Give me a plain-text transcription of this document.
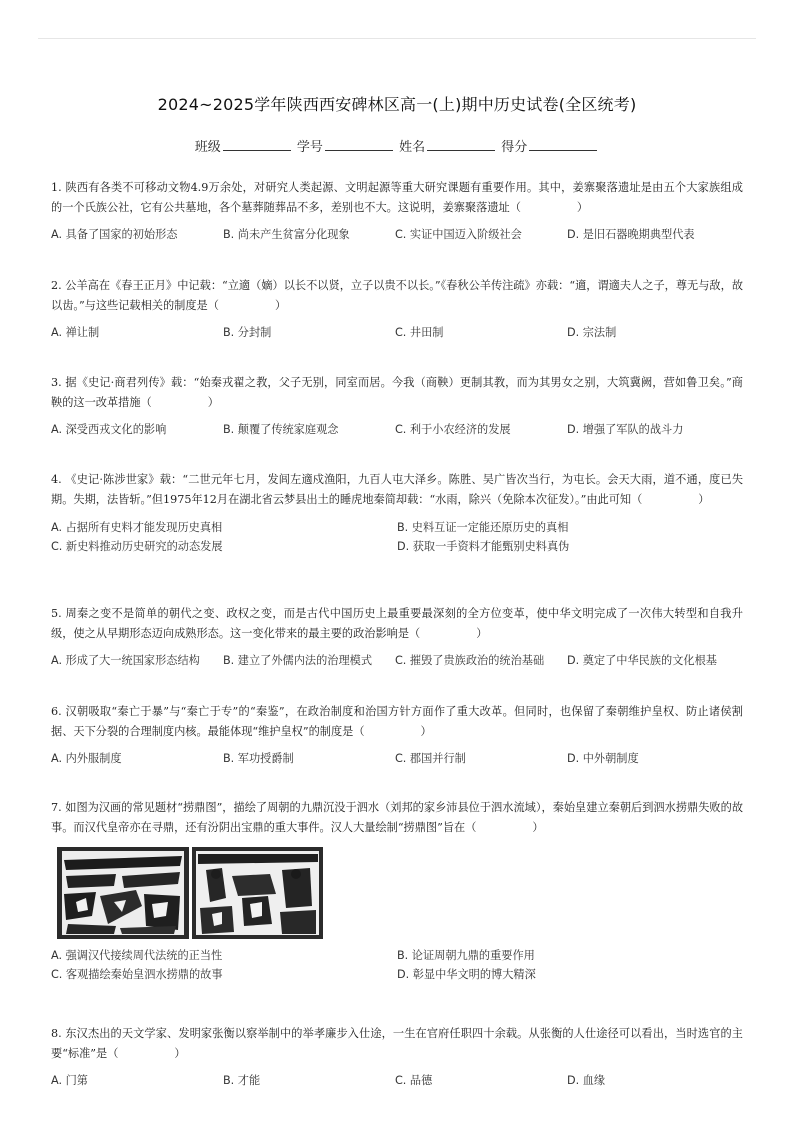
2024~2025学年陕西西安碑林区高一(上)期中历史试卷(全区统考)
班级	学号	姓名	得分

1. 陕西有各类不可移动文物4.9万余处，对研究人类起源、文明起源等重大研究课题有重要作用。其中，姜寨聚落遗址是由五个大家族组成的一个氏族公社，它有公共墓地，各个墓葬随葬品不多，差别也不大。这说明，姜寨聚落遗址（	）

A. 具备了国家的初始形态	B. 尚未产生贫富分化现象	C. 实证中国迈入阶级社会	D. 是旧石器晚期典型代表

2. 公羊高在《春王正月》中记载：“立適（嫡）以长不以贤，立子以贵不以长。”《春秋公羊传注疏》亦载：“適，谓適夫人之子，尊无与敌，故以齿。”与这些记载相关的制度是（	）

A. 禅让制	B. 分封制	C. 井田制	D. 宗法制

3. 据《史记·商君列传》载：“始秦戎翟之教，父子无别，同室而居。今我（商鞅）更制其教，而为其男女之别，大筑冀阙，营如鲁卫矣。”商鞅的这一改革措施（	）

A. 深受西戎文化的影响	B. 颠覆了传统家庭观念	C. 利于小农经济的发展	D. 增强了军队的战斗力

4. 《史记·陈涉世家》载：“二世元年七月，发闾左適戍渔阳，九百人屯大泽乡。陈胜、吴广皆次当行，为屯长。会天大雨，道不通，度已失期。失期，法皆斩。”但1975年12月在湖北省云梦县出土的睡虎地秦简却载：“水雨，除兴（免除本次征发）。”由此可知（	）

A. 占据所有史料才能发现历史真相	B. 史料互证一定能还原历史的真相
C. 新史料推动历史研究的动态发展	D. 获取一手资料才能甄别史料真伪

5. 周秦之变不是简单的朝代之变、政权之变，而是古代中国历史上最重要最深刻的全方位变革，使中华文明完成了一次伟大转型和自我升级，使之从早期形态迈向成熟形态。这一变化带来的最主要的政治影响是（	）

A. 形成了大一统国家形态结构	B. 建立了外儒内法的治理模式	C. 摧毁了贵族政治的统治基础	D. 奠定了中华民族的文化根基

6. 汉朝吸取“秦亡于暴”与“秦亡于专”的“秦鉴”，在政治制度和治国方针方面作了重大改革。但同时，也保留了秦朝维护皇权、防止诸侯割据、天下分裂的合理制度内核。最能体现“维护皇权”的制度是（	）

A. 内外服制度	B. 军功授爵制	C. 郡国并行制	D. 中外朝制度

7. 如图为汉画的常见题材“捞鼎图”，描绘了周朝的九鼎沉没于泗水（刘邦的家乡沛县位于泗水流域），秦始皇建立秦朝后到泗水捞鼎失败的故事。而汉代皇帝亦在寻鼎，还有汾阴出宝鼎的重大事件。汉人大量绘制“捞鼎图”旨在（	）

A. 强调汉代接续周代法统的正当性	B. 论证周朝九鼎的重要作用
C. 客观描绘秦始皇泗水捞鼎的故事	D. 彰显中华文明的博大精深

8. 东汉杰出的天文学家、发明家张衡以察举制中的举孝廉步入仕途，一生在官府任职四十余载。从张衡的人仕途径可以看出，当时选官的主要“标准”是（	）

A. 门第	B. 才能	C. 品德	D. 血缘
